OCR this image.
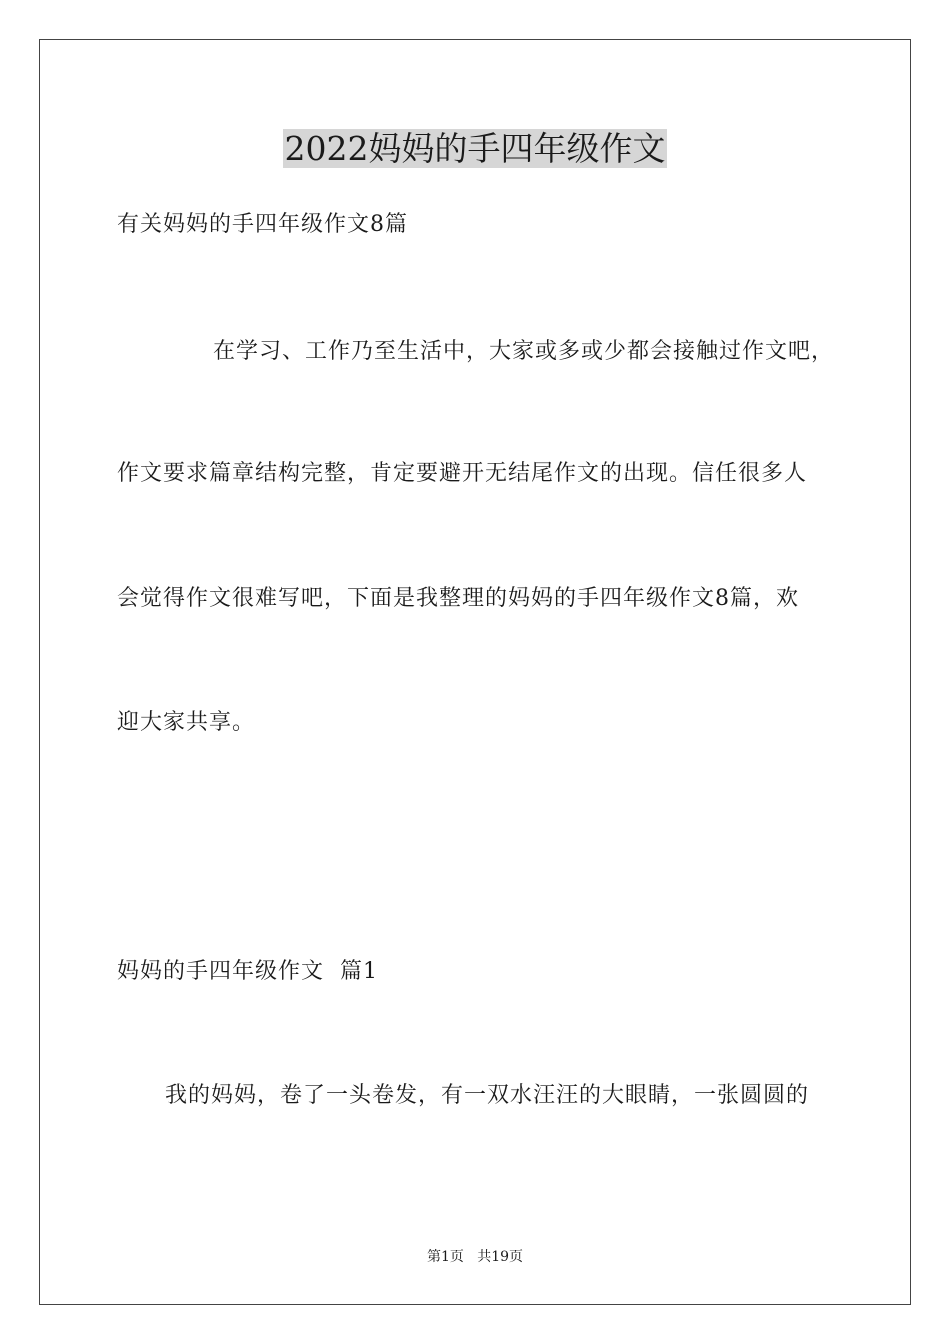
2022妈妈的手四年级作文
有关妈妈的手四年级作文8篇
在学习、工作乃至生活中，大家或多或少都会接触过作文吧，
作文要求篇章结构完整，肯定要避开无结尾作文的出现。信任很多人
会觉得作文很难写吧，下面是我整理的妈妈的手四年级作文8篇，欢
迎大家共享。
妈妈的手四年级作文  篇1
我的妈妈，卷了一头卷发，有一双水汪汪的大眼睛，一张圆圆的
第1页   共19页
